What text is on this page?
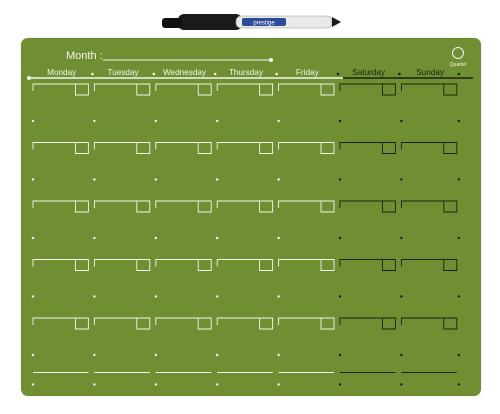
prestige
Month :
Quartet
Monday	Tuesday	Wednesday	Thursday	Friday	Saturday	Sunday
